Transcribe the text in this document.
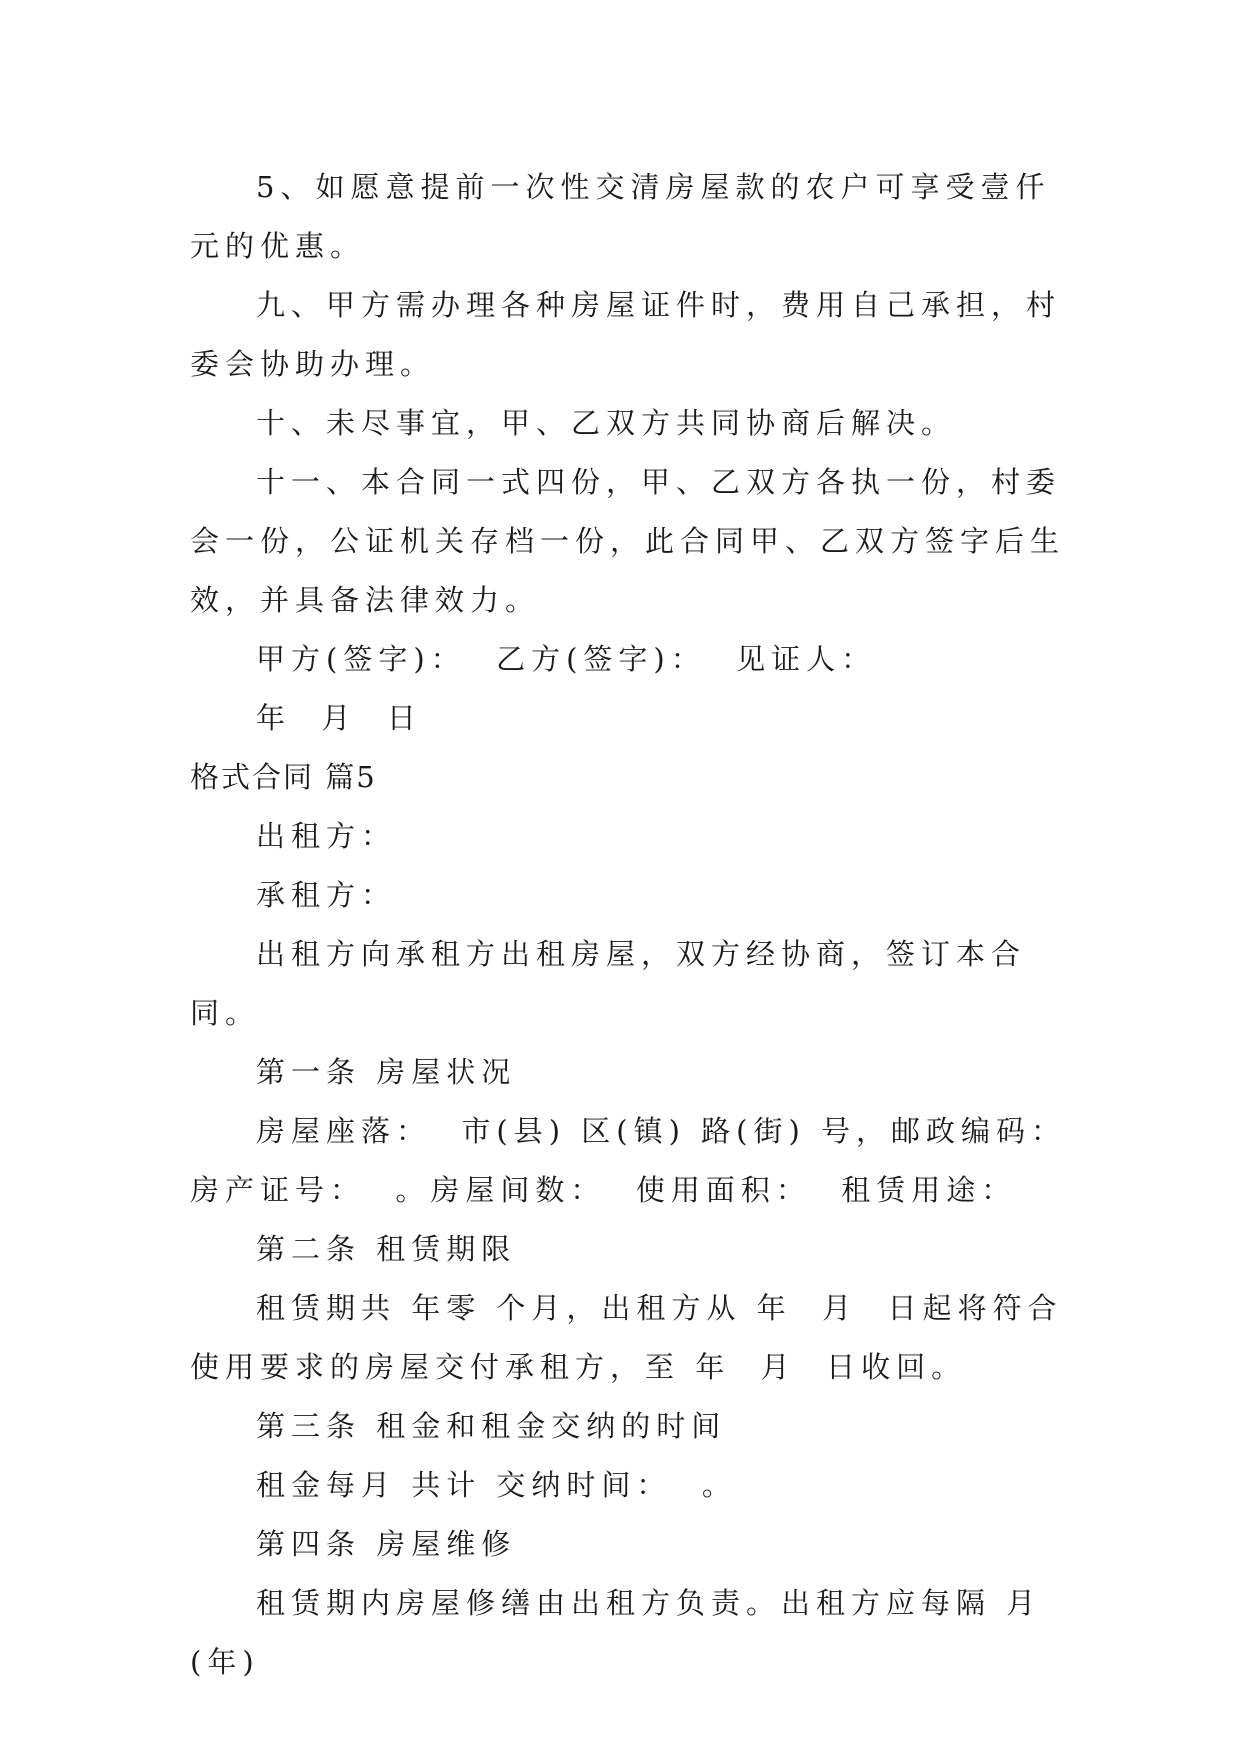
5、如愿意提前一次性交清房屋款的农户可享受壹仟元的优惠。

九、甲方需办理各种房屋证件时，费用自己承担，村委会协助办理。

十、未尽事宜，甲、乙双方共同协商后解决。

十一、本合同一式四份，甲、乙双方各执一份，村委会一份，公证机关存档一份，此合同甲、乙双方签字后生效，并具备法律效力。

甲方(签字)：  乙方(签字)：  见证人：

年  月  日

格式合同 篇5

出租方：

承租方：

出租方向承租方出租房屋，双方经协商，签订本合同。

第一条 房屋状况

房屋座落：  市(县) 区(镇) 路(街) 号，邮政编码：  房产证号：  。房屋间数：  使用面积：  租赁用途：

第二条 租赁期限

租赁期共 年零 个月，出租方从 年  月  日起将符合使用要求的房屋交付承租方，至 年  月  日收回。

第三条 租金和租金交纳的时间

租金每月 共计 交纳时间：  。

第四条 房屋维修

租赁期内房屋修缮由出租方负责。出租方应每隔 月(年)
